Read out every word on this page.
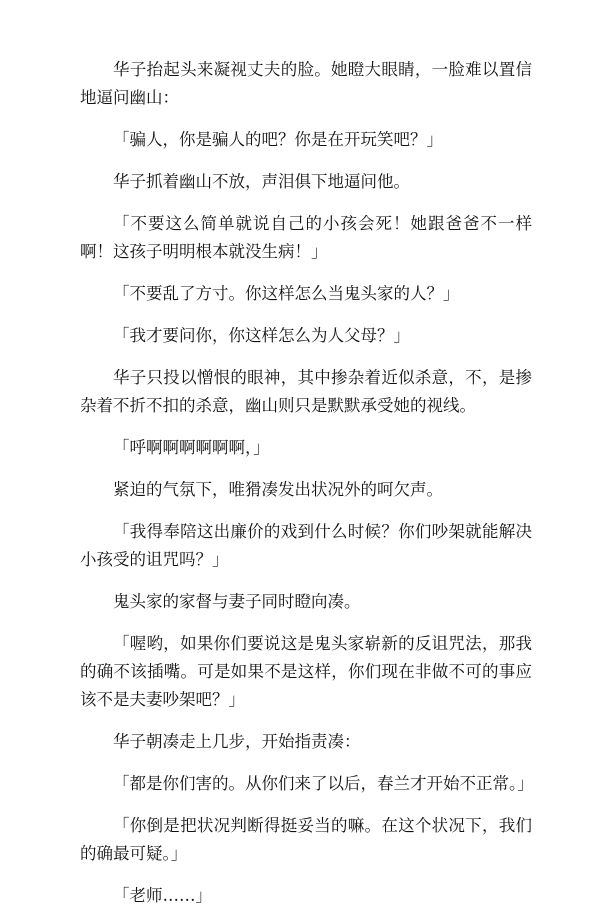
华子抬起头来凝视丈夫的脸。她瞪大眼睛，一脸难以置信地逼问幽山：

「骗人，你是骗人的吧？你是在开玩笑吧？」

华子抓着幽山不放，声泪俱下地逼问他。

「不要这么简单就说自己的小孩会死！她跟爸爸不一样啊！这孩子明明根本就没生病！」

「不要乱了方寸。你这样怎么当鬼头家的人？」

「我才要问你，你这样怎么为人父母？」

华子只投以憎恨的眼神，其中掺杂着近似杀意，不，是掺杂着不折不扣的杀意，幽山则只是默默承受她的视线。

「呼啊啊啊啊啊啊，」

紧迫的气氛下，唯猾凑发出状况外的呵欠声。

「我得奉陪这出廉价的戏到什么时候？你们吵架就能解决小孩受的诅咒吗？」

鬼头家的家督与妻子同时瞪向凑。

「喔哟，如果你们要说这是鬼头家崭新的反诅咒法，那我的确不该插嘴。可是如果不是这样，你们现在非做不可的事应该不是夫妻吵架吧？」

华子朝凑走上几步，开始指责凑：

「都是你们害的。从你们来了以后，春兰才开始不正常。」

「你倒是把状况判断得挺妥当的嘛。在这个状况下，我们的确最可疑。」

「老师……」
